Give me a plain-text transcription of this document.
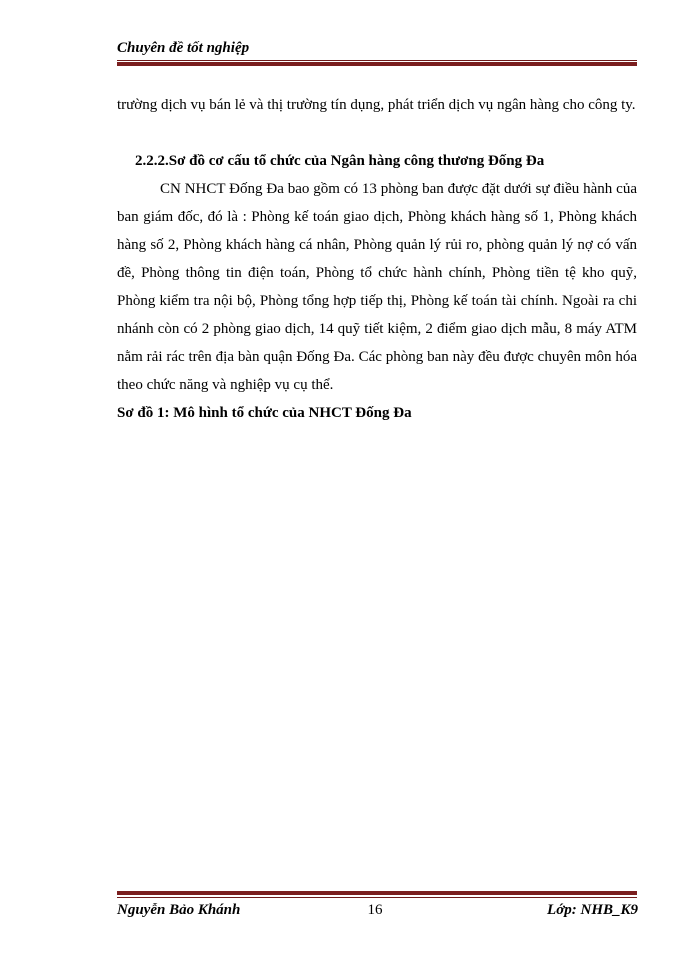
Chuyên đề tốt nghiệp

trường dịch vụ bán lẻ và thị trường tín dụng, phát triển dịch vụ ngân hàng cho công ty.

2.2.2.Sơ đồ cơ cấu tổ chức của Ngân hàng công thương Đống Đa

CN NHCT Đống Đa bao gồm có 13 phòng ban được đặt dưới sự điều hành của ban giám đốc, đó là : Phòng kế toán giao dịch, Phòng khách hàng số 1, Phòng khách hàng số 2, Phòng khách hàng cá nhân, Phòng quản lý rủi ro, phòng quản lý nợ có vấn đề, Phòng thông tin điện toán, Phòng tổ chức hành chính, Phòng tiền tệ kho quỹ, Phòng kiểm tra nội bộ, Phòng tổng hợp tiếp thị, Phòng kế toán tài chính. Ngoài ra chi nhánh còn có 2 phòng giao dịch, 14 quỹ tiết kiệm, 2 điểm giao dịch mẫu, 8 máy ATM nằm rải rác trên địa bàn quận Đống Đa. Các phòng ban này đều được chuyên môn hóa theo chức năng và nghiệp vụ cụ thể.

Sơ đồ 1: Mô hình tổ chức của NHCT Đống Đa
Nguyễn Bảo Khánh	16	Lớp: NHB_K9
